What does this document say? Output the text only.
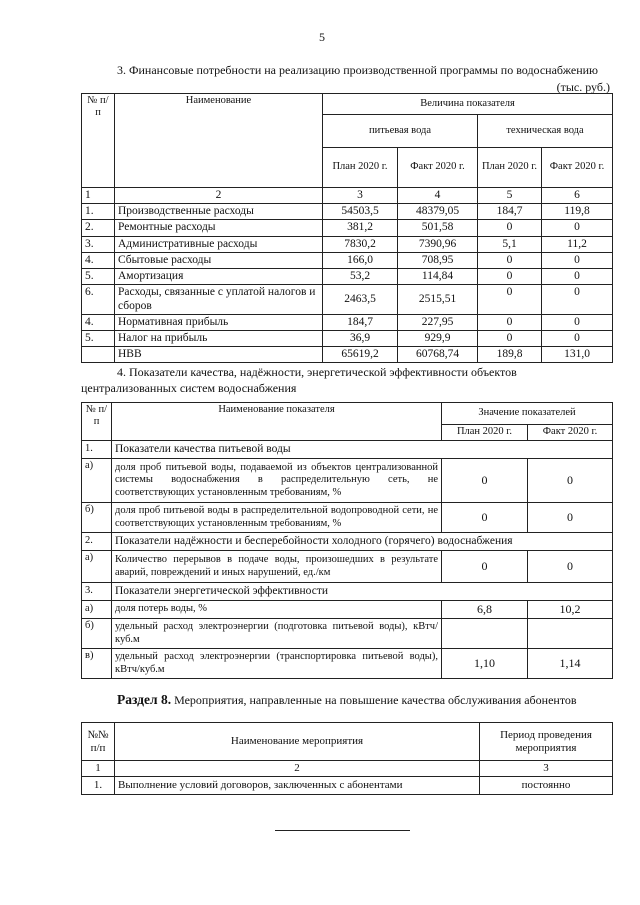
5
3. Финансовые потребности на реализацию производственной программы по водоснабжению
(тыс. руб.)
№ п/п	Наименование	Величина показателя			
		питьевая вода		техническая вода	
		План 2020 г.	Факт 2020 г.	План 2020 г.	Факт 2020 г.
1	2	3	4	5	6
1.	Производственные расходы	54503,5	48379,05	184,7	119,8
2.	Ремонтные расходы	381,2	501,58	0	0
3.	Административные расходы	7830,2	7390,96	5,1	11,2
4.	Сбытовые расходы	166,0	708,95	0	0
5.	Амортизация	53,2	114,84	0	0
6.	Расходы, связанные с уплатой налогов и сборов	2463,5	2515,51	0	0
4.	Нормативная прибыль	184,7	227,95	0	0
5.	Налог на прибыль	36,9	929,9	0	0
	НВВ	65619,2	60768,74	189,8	131,0
4. Показатели качества, надёжности, энергетической эффективности объектов централизованных систем водоснабжения
№ п/п	Наименование показателя	Значение показателей	
		План 2020 г.	Факт 2020 г.
1.	Показатели качества питьевой воды		
а)	доля проб питьевой воды, подаваемой из объектов централизованной системы водоснабжения в распределительную сеть, не соответствующих установленным требованиям, %	0	0
б)	доля проб питьевой воды в распределительной водопроводной сети, не соответствующих установленным требованиям, %	0	0
2.	Показатели надёжности и бесперебойности холодного (горячего) водоснабжения		
а)	Количество перерывов в подаче воды, произошедших в результате аварий, повреждений и иных нарушений, ед./км	0	0
3.	Показатели энергетической эффективности		
а)	доля потерь воды, %	6,8	10,2
б)	удельный расход электроэнергии (подготовка питьевой воды), кВтч/куб.м		
в)	удельный расход электроэнергии (транспортировка питьевой воды), кВтч/куб.м	1,10	1,14
Раздел 8. Мероприятия, направленные на повышение качества обслуживания абонентов
№№ п/п	Наименование мероприятия	Период проведения мероприятия
1	2	3
1.	Выполнение условий договоров, заключенных с абонентами	постоянно
